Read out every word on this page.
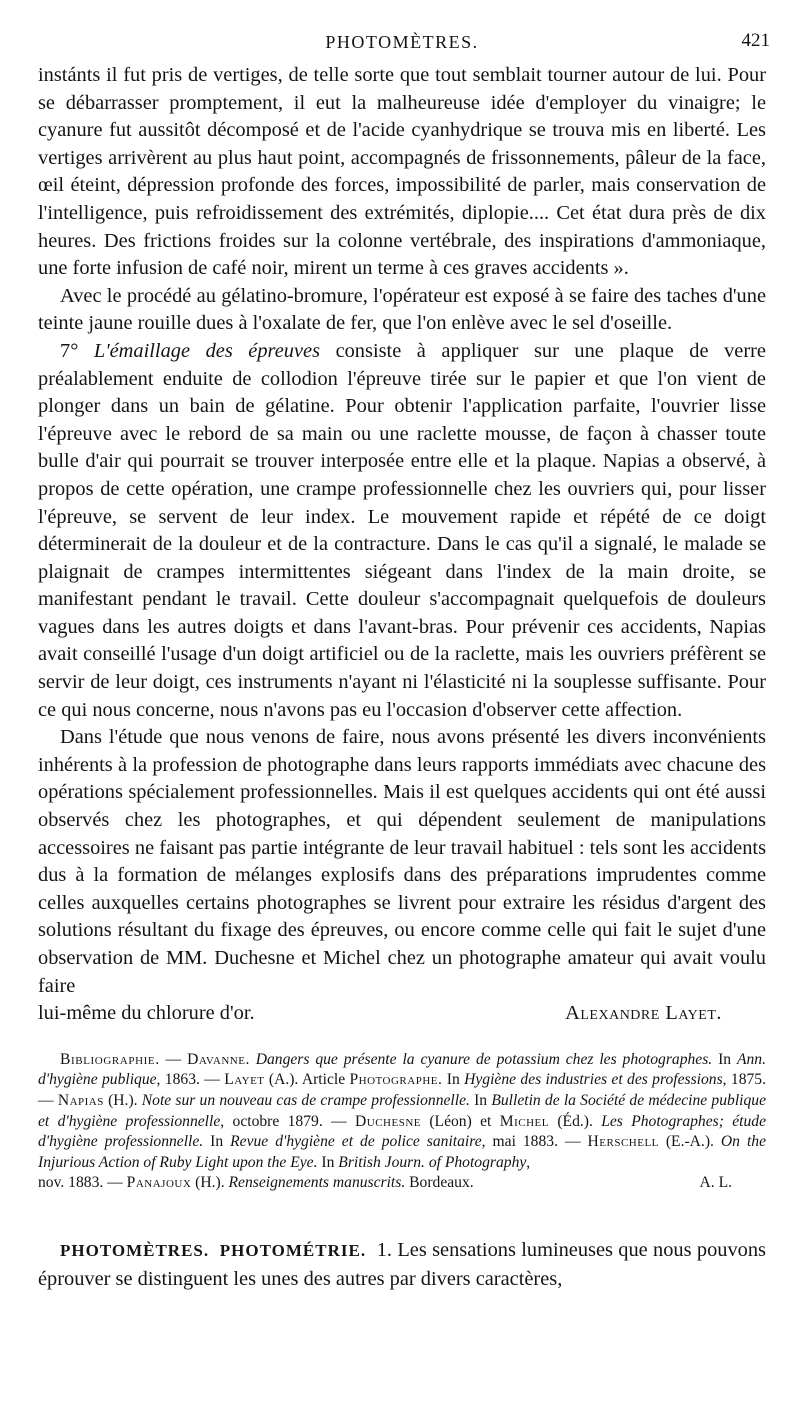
PHOTOMÈTRES.	421

instánts il fut pris de vertiges, de telle sorte que tout semblait tourner autour de lui. Pour se débarrasser promptement, il eut la malheureuse idée d'employer du vinaigre; le cyanure fut aussitôt décomposé et de l'acide cyanhydrique se trouva mis en liberté. Les vertiges arrivèrent au plus haut point, accompagnés de frissonnements, pâleur de la face, œil éteint, dépression profonde des forces, impossibilité de parler, mais conservation de l'intelligence, puis refroidissement des extrémités, diplopie.... Cet état dura près de dix heures. Des frictions froides sur la colonne vertébrale, des inspirations d'ammoniaque, une forte infusion de café noir, mirent un terme à ces graves accidents ».

Avec le procédé au gélatino-bromure, l'opérateur est exposé à se faire des taches d'une teinte jaune rouille dues à l'oxalate de fer, que l'on enlève avec le sel d'oseille.

7° L'émaillage des épreuves consiste à appliquer sur une plaque de verre préalablement enduite de collodion l'épreuve tirée sur le papier et que l'on vient de plonger dans un bain de gélatine. Pour obtenir l'application parfaite, l'ouvrier lisse l'épreuve avec le rebord de sa main ou une raclette mousse, de façon à chasser toute bulle d'air qui pourrait se trouver interposée entre elle et la plaque. Napias a observé, à propos de cette opération, une crampe professionnelle chez les ouvriers qui, pour lisser l'épreuve, se servent de leur index. Le mouvement rapide et répété de ce doigt déterminerait de la douleur et de la contracture. Dans le cas qu'il a signalé, le malade se plaignait de crampes intermittentes siégeant dans l'index de la main droite, se manifestant pendant le travail. Cette douleur s'accompagnait quelquefois de douleurs vagues dans les autres doigts et dans l'avant-bras. Pour prévenir ces accidents, Napias avait conseillé l'usage d'un doigt artificiel ou de la raclette, mais les ouvriers préfèrent se servir de leur doigt, ces instruments n'ayant ni l'élasticité ni la souplesse suffisante. Pour ce qui nous concerne, nous n'avons pas eu l'occasion d'observer cette affection.

Dans l'étude que nous venons de faire, nous avons présenté les divers inconvénients inhérents à la profession de photographe dans leurs rapports immédiats avec chacune des opérations spécialement professionnelles. Mais il est quelques accidents qui ont été aussi observés chez les photographes, et qui dépendent seulement de manipulations accessoires ne faisant pas partie intégrante de leur travail habituel : tels sont les accidents dus à la formation de mélanges explosifs dans des préparations imprudentes comme celles auxquelles certains photographes se livrent pour extraire les résidus d'argent des solutions résultant du fixage des épreuves, ou encore comme celle qui fait le sujet d'une observation de MM. Duchesne et Michel chez un photographe amateur qui avait voulu faire

lui-même du chlorure d'or.	Alexandre Layet.
Bibliographie. — Davanne. Dangers que présente la cyanure de potassium chez les photographes. In Ann. d'hygiène publique, 1863. — Layet (A.). Article Photographe. In Hygiène des industries et des professions, 1875. — Napias (H.). Note sur un nouveau cas de crampe professionnelle. In Bulletin de la Société de médecine publique et d'hygiène professionnelle, octobre 1879. — Duchesne (Léon) et Michel (Éd.). Les Photographes; étude d'hygiène professionnelle. In Revue d'hygiène et de police sanitaire, mai 1883. — Herschell (E.-A.). On the Injurious Action of Ruby Light upon the Eye. In British Journ. of Photography,
nov. 1883. — Panajoux (H.). Renseignements manuscrits. Bordeaux.	A. L.

PHOTOMÈTRES. PHOTOMÉTRIE. 1. Les sensations lumineuses que nous pouvons éprouver se distinguent les unes des autres par divers caractères,
